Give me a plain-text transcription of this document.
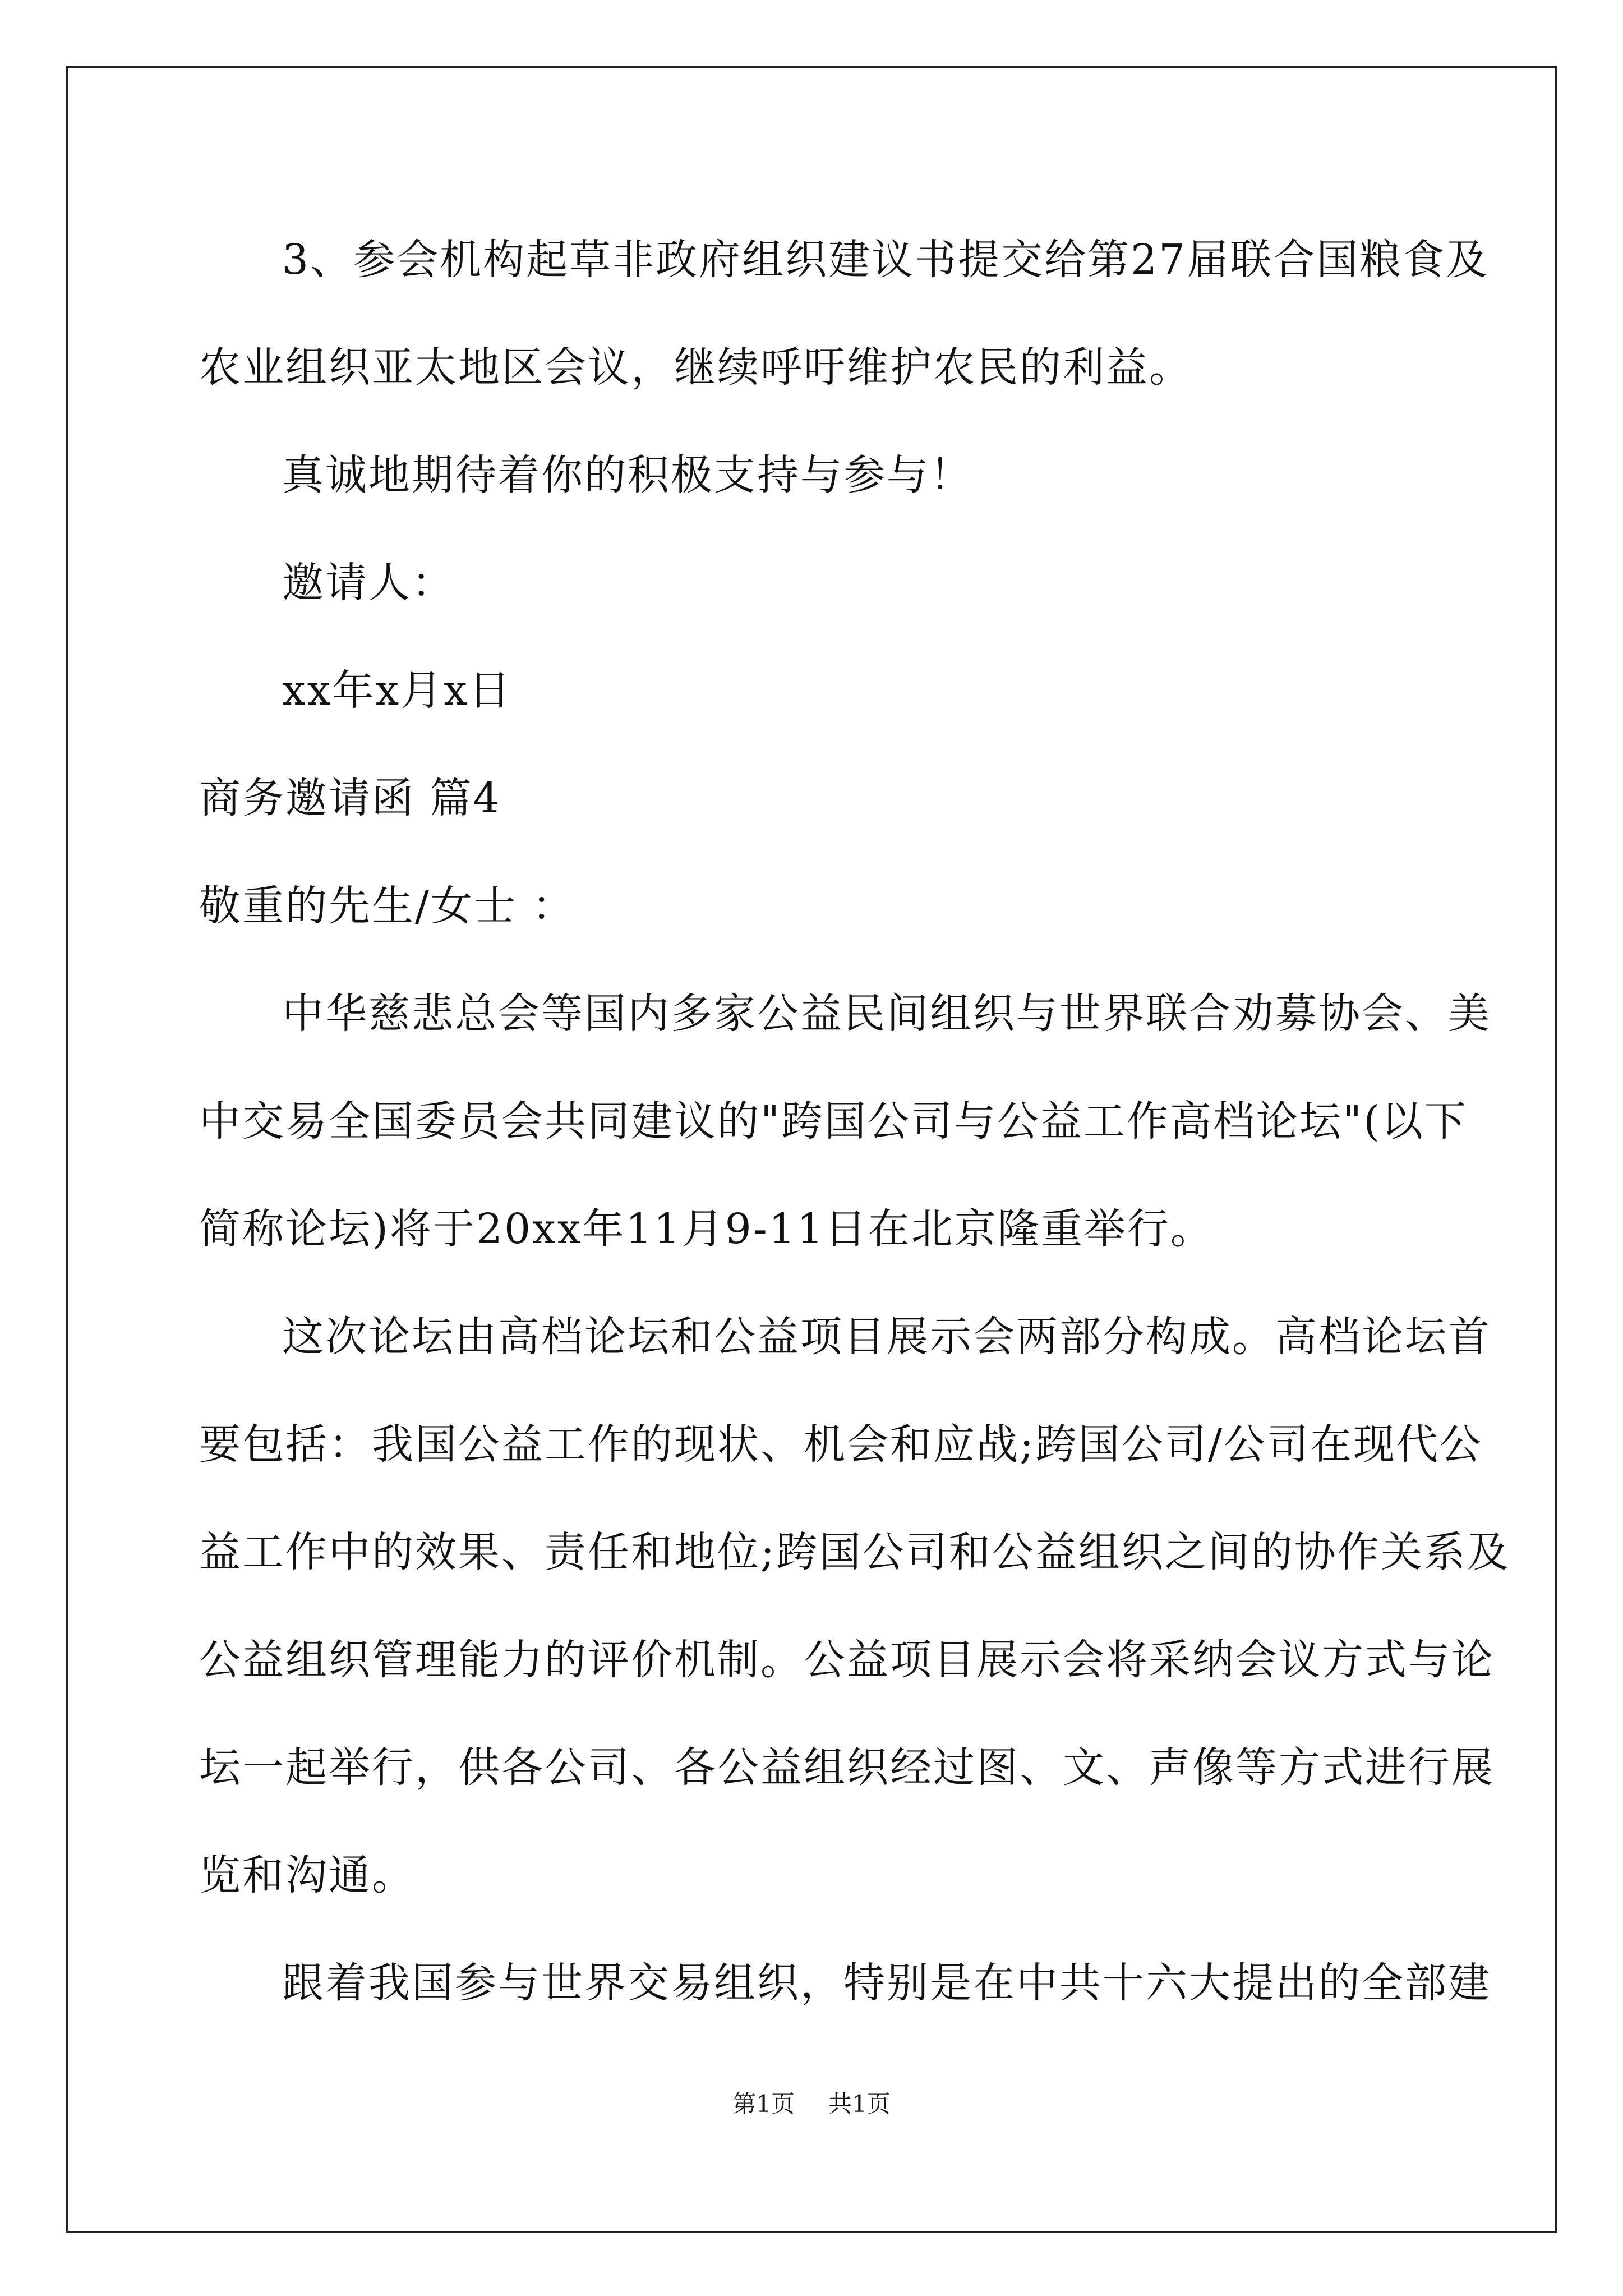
3、参会机构起草非政府组织建议书提交给第27届联合国粮食及
农业组织亚太地区会议，继续呼吁维护农民的利益。
真诚地期待着你的积极支持与参与！
邀请人：
xx年x月x日
商务邀请函 篇4
敬重的先生/女士 ：
中华慈悲总会等国内多家公益民间组织与世界联合劝募协会、美
中交易全国委员会共同建议的"跨国公司与公益工作高档论坛"(以下
简称论坛)将于20xx年11月9-11日在北京隆重举行。
这次论坛由高档论坛和公益项目展示会两部分构成。高档论坛首
要包括：我国公益工作的现状、机会和应战;跨国公司/公司在现代公
益工作中的效果、责任和地位;跨国公司和公益组织之间的协作关系及
公益组织管理能力的评价机制。公益项目展示会将采纳会议方式与论
坛一起举行，供各公司、各公益组织经过图、文、声像等方式进行展
览和沟通。
跟着我国参与世界交易组织，特别是在中共十六大提出的全部建
第1页 共1页
